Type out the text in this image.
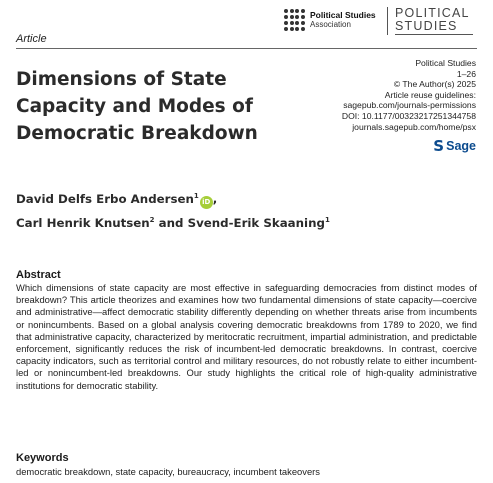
Political Studies
Association
POLITICAL
STUDIES
Article
Dimensions of State Capacity and Modes of Democratic Breakdown
Political Studies
1–26
© The Author(s) 2025
Article reuse guidelines:
sagepub.com/journals-permissions
DOI: 10.1177/00323217251344758
journals.sagepub.com/home/psx
S Sage
David Delfs Erbo Andersen$^1$iD ,
Carl Henrik Knutsen$^2$ and Svend-Erik Skaaning$^1$
Abstract

Which dimensions of state capacity are most effective in safeguarding democracies from distinct modes of breakdown? This article theorizes and examines how two fundamental dimensions of state capacity—coercive and administrative—affect democratic stability differently depending on whether threats arise from incumbents or nonincumbents. Based on a global analysis covering democratic breakdowns from 1789 to 2020, we find that administrative capacity, characterized by meritocratic recruitment, impartial administration, and predictable enforcement, significantly reduces the risk of incumbent-led democratic breakdowns. In contrast, coercive capacity indicators, such as territorial control and military resources, do not robustly relate to either incumbent-led or nonincumbent-led breakdowns. Our study highlights the critical role of high-quality administrative institutions for democratic stability.

Keywords
democratic breakdown, state capacity, bureaucracy, incumbent takeovers
